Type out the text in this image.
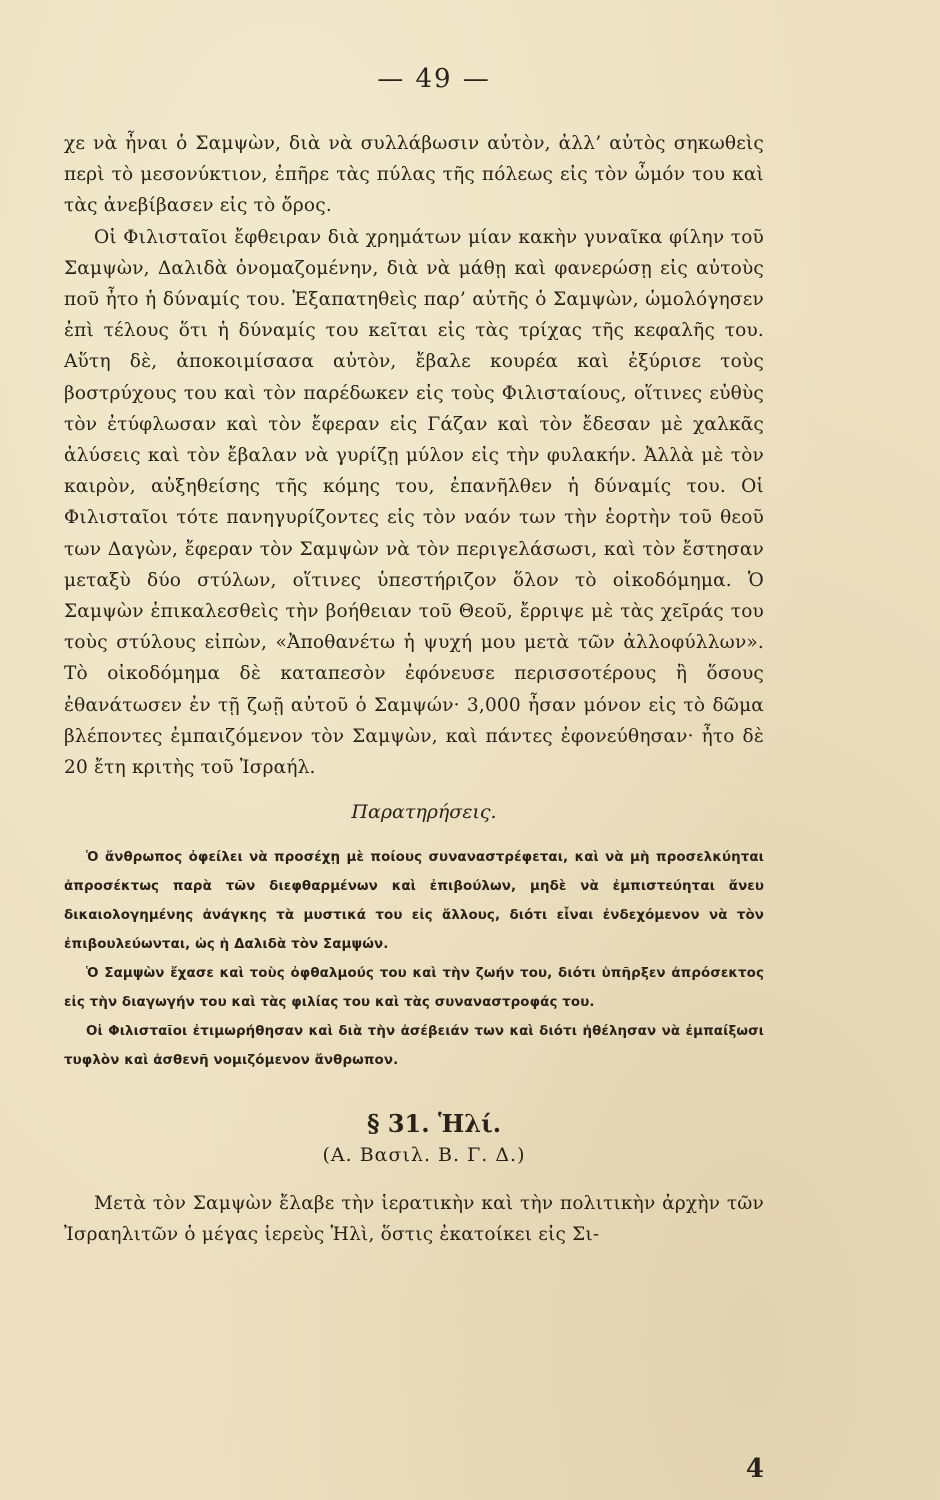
— 49 —

χε νὰ ἦναι ὁ Σαμψὼν, διὰ νὰ συλλάβωσιν αὐτὸν, ἀλλ’ αὐτὸς σηκωθεὶς περὶ τὸ μεσονύκτιον, ἐπῆρε τὰς πύλας τῆς πόλεως εἰς τὸν ὦμόν του καὶ τὰς ἀνεβίβασεν εἰς τὸ ὄρος.

Οἱ Φιλισταῖοι ἔφθειραν διὰ χρημάτων μίαν κακὴν γυναῖκα φίλην τοῦ Σαμψὼν, Δαλιδὰ ὀνομαζομένην, διὰ νὰ μάθῃ καὶ φανερώσῃ εἰς αὐτοὺς ποῦ ἦτο ἡ δύναμίς του. Ἐξαπατηθεὶς παρ’ αὐτῆς ὁ Σαμψὼν, ὡμολόγησεν ἐπὶ τέλους ὅτι ἡ δύναμίς του κεῖται εἰς τὰς τρίχας τῆς κεφαλῆς του. Αὕτη δὲ, ἀποκοιμίσασα αὐτὸν, ἔβαλε κουρέα καὶ ἐξύρισε τοὺς βοστρύχους του καὶ τὸν παρέδωκεν εἰς τοὺς Φιλισταίους, οἵτινες εὐθὺς τὸν ἐτύφλωσαν καὶ τὸν ἔφεραν εἰς Γάζαν καὶ τὸν ἔδεσαν μὲ χαλκᾶς ἀλύσεις καὶ τὸν ἔβαλαν νὰ γυρίζῃ μύλον εἰς τὴν φυλακήν. Ἀλλὰ μὲ τὸν καιρὸν, αὐξηθείσης τῆς κόμης του, ἐπανῆλθεν ἡ δύναμίς του. Οἱ Φιλισταῖοι τότε πανηγυρίζοντες εἰς τὸν ναόν των τὴν ἑορτὴν τοῦ θεοῦ των Δαγὼν, ἔφεραν τὸν Σαμψὼν νὰ τὸν περιγελάσωσι, καὶ τὸν ἔστησαν μεταξὺ δύο στύλων, οἵτινες ὑπεστήριζον ὅλον τὸ οἰκοδόμημα. Ὁ Σαμψὼν ἐπικαλεσθεὶς τὴν βοήθειαν τοῦ Θεοῦ, ἔρριψε μὲ τὰς χεῖράς του τοὺς στύλους εἰπὼν, «Ἀποθανέτω ἡ ψυχή μου μετὰ τῶν ἀλλοφύλλων». Τὸ οἰκοδόμημα δὲ καταπεσὸν ἐφόνευσε περισσοτέρους ἢ ὅσους ἐθανάτωσεν ἐν τῇ ζωῇ αὐτοῦ ὁ Σαμψών· 3,000 ἦσαν μόνον εἰς τὸ δῶμα βλέποντες ἐμπαιζόμενον τὸν Σαμψὼν, καὶ πάντες ἐφονεύθησαν· ἦτο δὲ 20 ἔτη κριτὴς τοῦ Ἰσραήλ.

Παρατηρήσεις.

Ὁ ἄνθρωπος ὀφείλει νὰ προσέχῃ μὲ ποίους συναναστρέφεται, καὶ νὰ μὴ προσελκύηται ἀπροσέκτως παρὰ τῶν διεφθαρμένων καὶ ἐπιβούλων, μηδὲ νὰ ἐμπιστεύηται ἄνευ δικαιολογημένης ἀνάγκης τὰ μυστικά του εἰς ἄλλους, διότι εἶναι ἐνδεχόμενον νὰ τὸν ἐπιβουλεύωνται, ὡς ἡ Δαλιδὰ τὸν Σαμψών.

Ὁ Σαμψὼν ἔχασε καὶ τοὺς ὀφθαλμούς του καὶ τὴν ζωήν του, διότι ὑπῆρξεν ἀπρόσεκτος εἰς τὴν διαγωγήν του καὶ τὰς φιλίας του καὶ τὰς συναναστροφάς του.

Οἱ Φιλισταῖοι ἐτιμωρήθησαν καὶ διὰ τὴν ἀσέβειάν των καὶ διότι ἠθέλησαν νὰ ἐμπαίξωσι τυφλὸν καὶ ἀσθενῆ νομιζόμενον ἄνθρωπον.

§ 31. Ἡλί.
(Α. Βασιλ. Β. Γ. Δ.)

Μετὰ τὸν Σαμψὼν ἔλαβε τὴν ἱερατικὴν καὶ τὴν πολιτικὴν ἀρχὴν τῶν Ἰσραηλιτῶν ὁ μέγας ἱερεὺς Ἡλὶ, ὅστις ἐκατοίκει εἰς Σι-

4
